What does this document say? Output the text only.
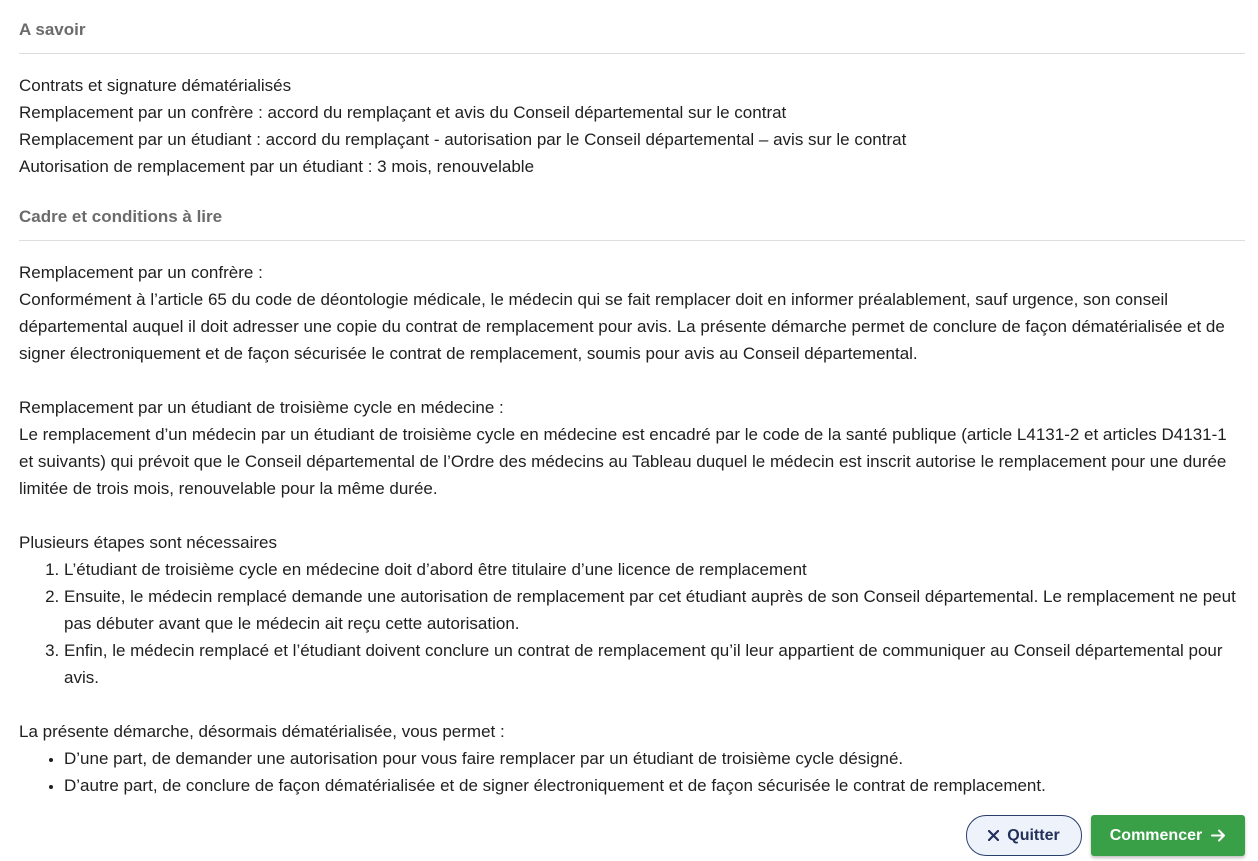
A savoir

Contrats et signature dématérialisés

Remplacement par un confrère : accord du remplaçant et avis du Conseil départemental sur le contrat

Remplacement par un étudiant : accord du remplaçant - autorisation par le Conseil départemental – avis sur le contrat

Autorisation de remplacement par un étudiant : 3 mois, renouvelable

Cadre et conditions à lire

Remplacement par un confrère :

Conformément à l’article 65 du code de déontologie médicale, le médecin qui se fait remplacer doit en informer préalablement, sauf urgence, son conseil départemental auquel il doit adresser une copie du contrat de remplacement pour avis. La présente démarche permet de conclure de façon dématérialisée et de signer électroniquement et de façon sécurisée le contrat de remplacement, soumis pour avis au Conseil départemental.

Remplacement par un étudiant de troisième cycle en médecine :

Le remplacement d’un médecin par un étudiant de troisième cycle en médecine est encadré par le code de la santé publique (article L4131-2 et articles D4131-1 et suivants) qui prévoit que le Conseil départemental de l’Ordre des médecins au Tableau duquel le médecin est inscrit autorise le remplacement pour une durée limitée de trois mois, renouvelable pour la même durée.

Plusieurs étapes sont nécessaires

1. L’étudiant de troisième cycle en médecine doit d’abord être titulaire d’une licence de remplacement
2. Ensuite, le médecin remplacé demande une autorisation de remplacement par cet étudiant auprès de son Conseil départemental. Le remplacement ne peut pas débuter avant que le médecin ait reçu cette autorisation.
3. Enfin, le médecin remplacé et l’étudiant doivent conclure un contrat de remplacement qu’il leur appartient de communiquer au Conseil départemental pour avis.

La présente démarche, désormais dématérialisée, vous permet :

• D’une part, de demander une autorisation pour vous faire remplacer par un étudiant de troisième cycle désigné.
• D’autre part, de conclure de façon dématérialisée et de signer électroniquement et de façon sécurisée le contrat de remplacement.
Quitter	Commencer
